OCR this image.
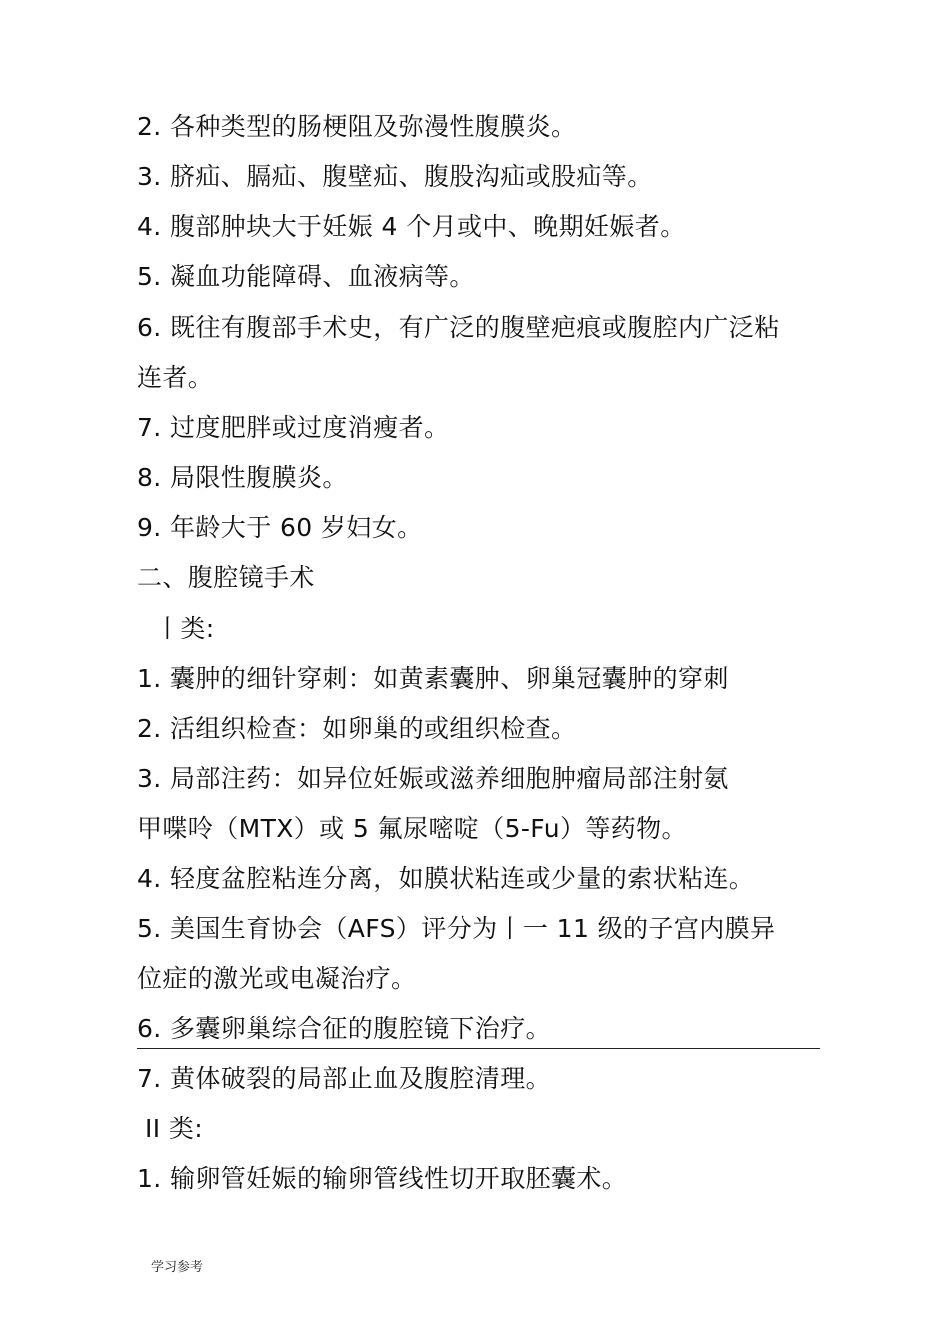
2. 各种类型的肠梗阻及弥漫性腹膜炎。
3. 脐疝、膈疝、腹壁疝、腹股沟疝或股疝等。
4. 腹部肿块大于妊娠 4 个月或中、晚期妊娠者。
5. 凝血功能障碍、血液病等。
6. 既往有腹部手术史，有广泛的腹壁疤痕或腹腔内广泛粘
连者。
7. 过度肥胖或过度消瘦者。
8. 局限性腹膜炎。
9. 年龄大于 60 岁妇女。
二、腹腔镜手术
丨类:
1. 囊肿的细针穿刺：如黄素囊肿、卵巢冠囊肿的穿刺
2. 活组织检查：如卵巢的或组织检查。
3. 局部注药：如异位妊娠或滋养细胞肿瘤局部注射氨
甲喋呤（MTX）或 5 氟尿嘧啶（5-Fu）等药物。
4. 轻度盆腔粘连分离，如膜状粘连或少量的索状粘连。
5. 美国生育协会（AFS）评分为丨一 11 级的子宫内膜异
位症的激光或电凝治疗。
6. 多囊卵巢综合征的腹腔镜下治疗。
7. 黄体破裂的局部止血及腹腔清理。
II 类:
1. 输卵管妊娠的输卵管线性切开取胚囊术。
学习参考
